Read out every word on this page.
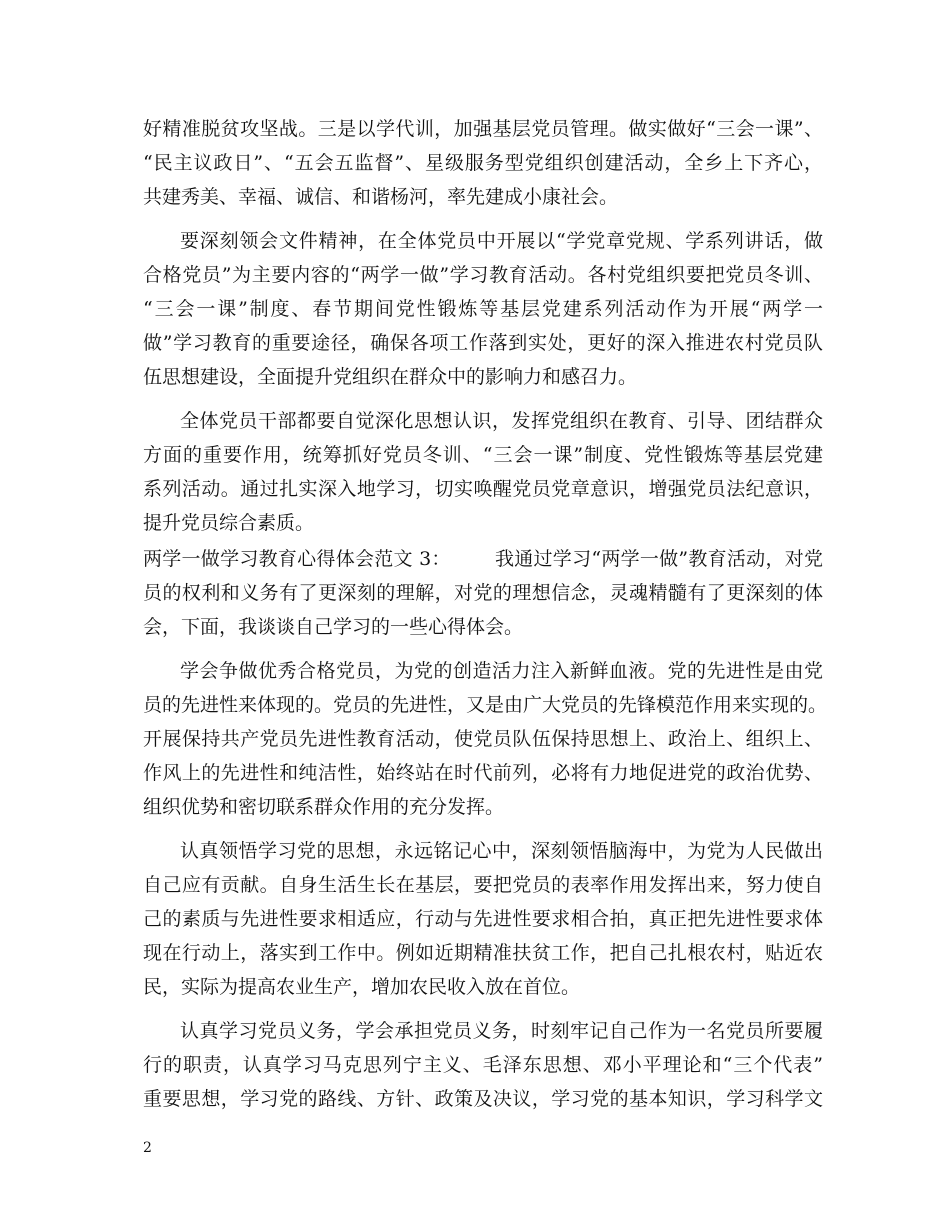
好精准脱贫攻坚战。三是以学代训，加强基层党员管理。做实做好“三会一课”、
“民主议政日”、“五会五监督”、星级服务型党组织创建活动，全乡上下齐心，
共建秀美、幸福、诚信、和谐杨河，率先建成小康社会。
要深刻领会文件精神，在全体党员中开展以“学党章党规、学系列讲话，做
合格党员”为主要内容的“两学一做”学习教育活动。各村党组织要把党员冬训、
“三会一课”制度、春节期间党性锻炼等基层党建系列活动作为开展“两学一
做”学习教育的重要途径，确保各项工作落到实处，更好的深入推进农村党员队
伍思想建设，全面提升党组织在群众中的影响力和感召力。
全体党员干部都要自觉深化思想认识，发挥党组织在教育、引导、团结群众
方面的重要作用，统筹抓好党员冬训、“三会一课”制度、党性锻炼等基层党建
系列活动。通过扎实深入地学习，切实唤醒党员党章意识，增强党员法纪意识，
提升党员综合素质。
两学一做学习教育心得体会范文 3： 我通过学习“两学一做”教育活动，对党
员的权利和义务有了更深刻的理解，对党的理想信念，灵魂精髓有了更深刻的体
会，下面，我谈谈自己学习的一些心得体会。
学会争做优秀合格党员，为党的创造活力注入新鲜血液。党的先进性是由党
员的先进性来体现的。党员的先进性，又是由广大党员的先锋模范作用来实现的。
开展保持共产党员先进性教育活动，使党员队伍保持思想上、政治上、组织上、
作风上的先进性和纯洁性，始终站在时代前列，必将有力地促进党的政治优势、
组织优势和密切联系群众作用的充分发挥。
认真领悟学习党的思想，永远铭记心中，深刻领悟脑海中，为党为人民做出
自己应有贡献。自身生活生长在基层，要把党员的表率作用发挥出来，努力使自
己的素质与先进性要求相适应，行动与先进性要求相合拍，真正把先进性要求体
现在行动上，落实到工作中。例如近期精准扶贫工作，把自己扎根农村，贴近农
民，实际为提高农业生产，增加农民收入放在首位。
认真学习党员义务，学会承担党员义务，时刻牢记自己作为一名党员所要履
行的职责，认真学习马克思列宁主义、毛泽东思想、邓小平理论和“三个代表”
重要思想，学习党的路线、方针、政策及决议，学习党的基本知识，学习科学文
2
